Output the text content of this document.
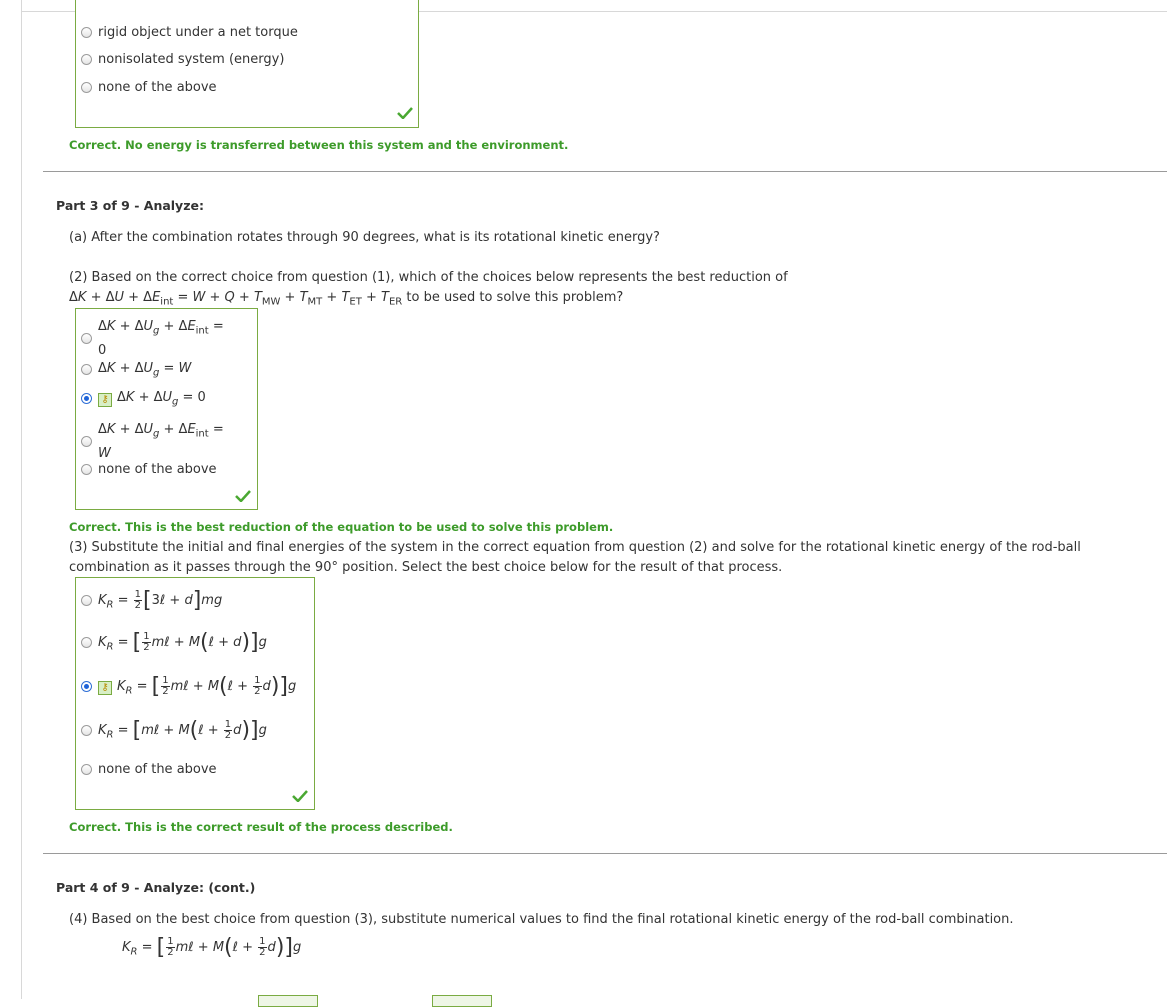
rigid object under a net torque
nonisolated system (energy)
none of the above
Correct. No energy is transferred between this system and the environment.
Part 3 of 9 - Analyze:
(a) After the combination rotates through 90 degrees, what is its rotational kinetic energy?
(2) Based on the correct choice from question (1), which of the choices below represents the best reduction of
$\Delta K + \Delta U + \Delta E_{int} = W + Q + T_{MW} + T_{MT} + T_{ET} + T_{ER}$ to be used to solve this problem?
$\Delta K + \Delta U_g + \Delta E_{int}$ =
0
$\Delta K + \Delta U_g = W$
⚷ $\Delta K + \Delta U_g = 0$
$\Delta K + \Delta U_g + \Delta E_{int}$ =
W
none of the above
Correct. This is the best reduction of the equation to be used to solve this problem.
(3) Substitute the initial and final energies of the system in the correct equation from question (2) and solve for the rotational kinetic energy of the rod-ball
combination as it passes through the 90° position. Select the best choice below for the result of that process.
$K_R = \frac{1}{2}$ [3ℓ + d]mg
$K_R$ = [ $\frac{1}{2}$ mℓ + M(ℓ + d)]g
⚷ $K_R$ = [ $\frac{1}{2}$ mℓ + M(ℓ + $\frac{1}{2} d)]g$
$K_R$ = [mℓ + M(ℓ + $\frac{1}{2} d)]g$
none of the above
Correct. This is the correct result of the process described.
Part 4 of 9 - Analyze: (cont.)
(4) Based on the best choice from question (3), substitute numerical values to find the final rotational kinetic energy of the rod-ball combination.
$K_R$ = [ $\frac{1}{2}$ mℓ + M(ℓ + $\frac{1}{2} d)]g$
